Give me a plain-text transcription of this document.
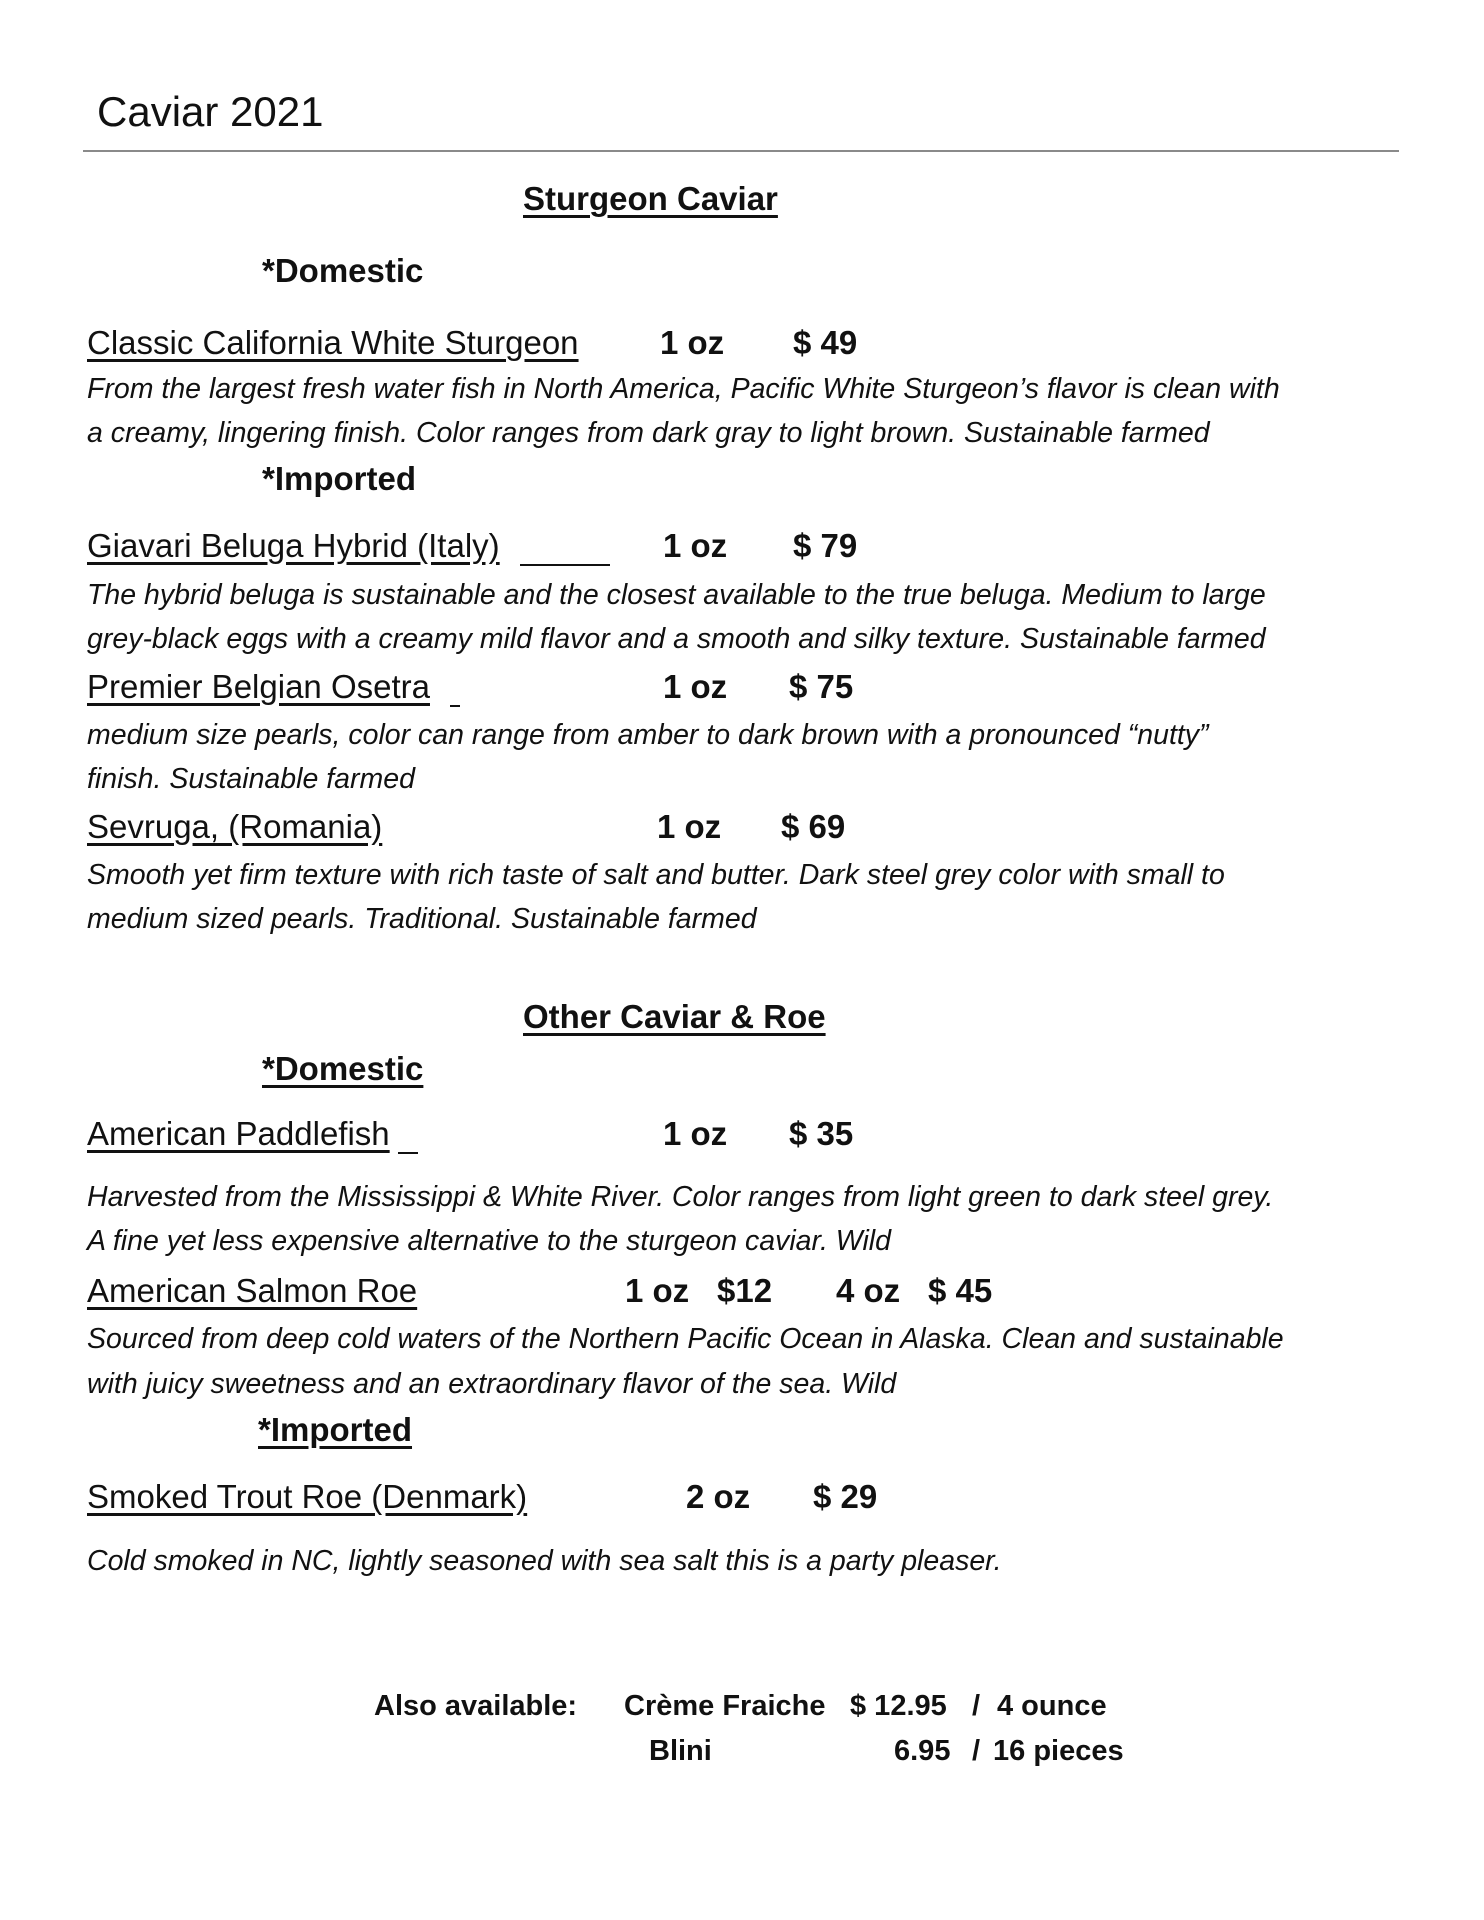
Caviar 2021
Sturgeon Caviar
*Domestic
Classic California White Sturgeon 1 oz $ 49
From the largest fresh water fish in North America, Pacific White Sturgeon’s flavor is clean with
a creamy, lingering finish. Color ranges from dark gray to light brown. Sustainable farmed
*Imported
Giavari Beluga Hybrid (Italy)	1 oz $ 79
The hybrid beluga is sustainable and the closest available to the true beluga. Medium to large
grey-black eggs with a creamy mild flavor and a smooth and silky texture. Sustainable farmed
Premier Belgian Osetra	1 oz $ 75
medium size pearls, color can range from amber to dark brown with a pronounced “nutty”
finish. Sustainable farmed
Sevruga, (Romania)	1 oz $ 69
Smooth yet firm texture with rich taste of salt and butter. Dark steel grey color with small to
medium sized pearls. Traditional. Sustainable farmed
Other Caviar & Roe
*Domestic
American Paddlefish	1 oz $ 35
Harvested from the Mississippi & White River. Color ranges from light green to dark steel grey.
A fine yet less expensive alternative to the sturgeon caviar. Wild
American Salmon Roe	1 oz $12 4 oz $ 45
Sourced from deep cold waters of the Northern Pacific Ocean in Alaska. Clean and sustainable
with juicy sweetness and an extraordinary flavor of the sea. Wild
*Imported
Smoked Trout Roe (Denmark)	2 oz $ 29
Cold smoked in NC, lightly seasoned with sea salt this is a party pleaser.
Also available: Crème Fraiche $ 12.95 / 4 ounce
Blini	6.95 / 16 pieces
